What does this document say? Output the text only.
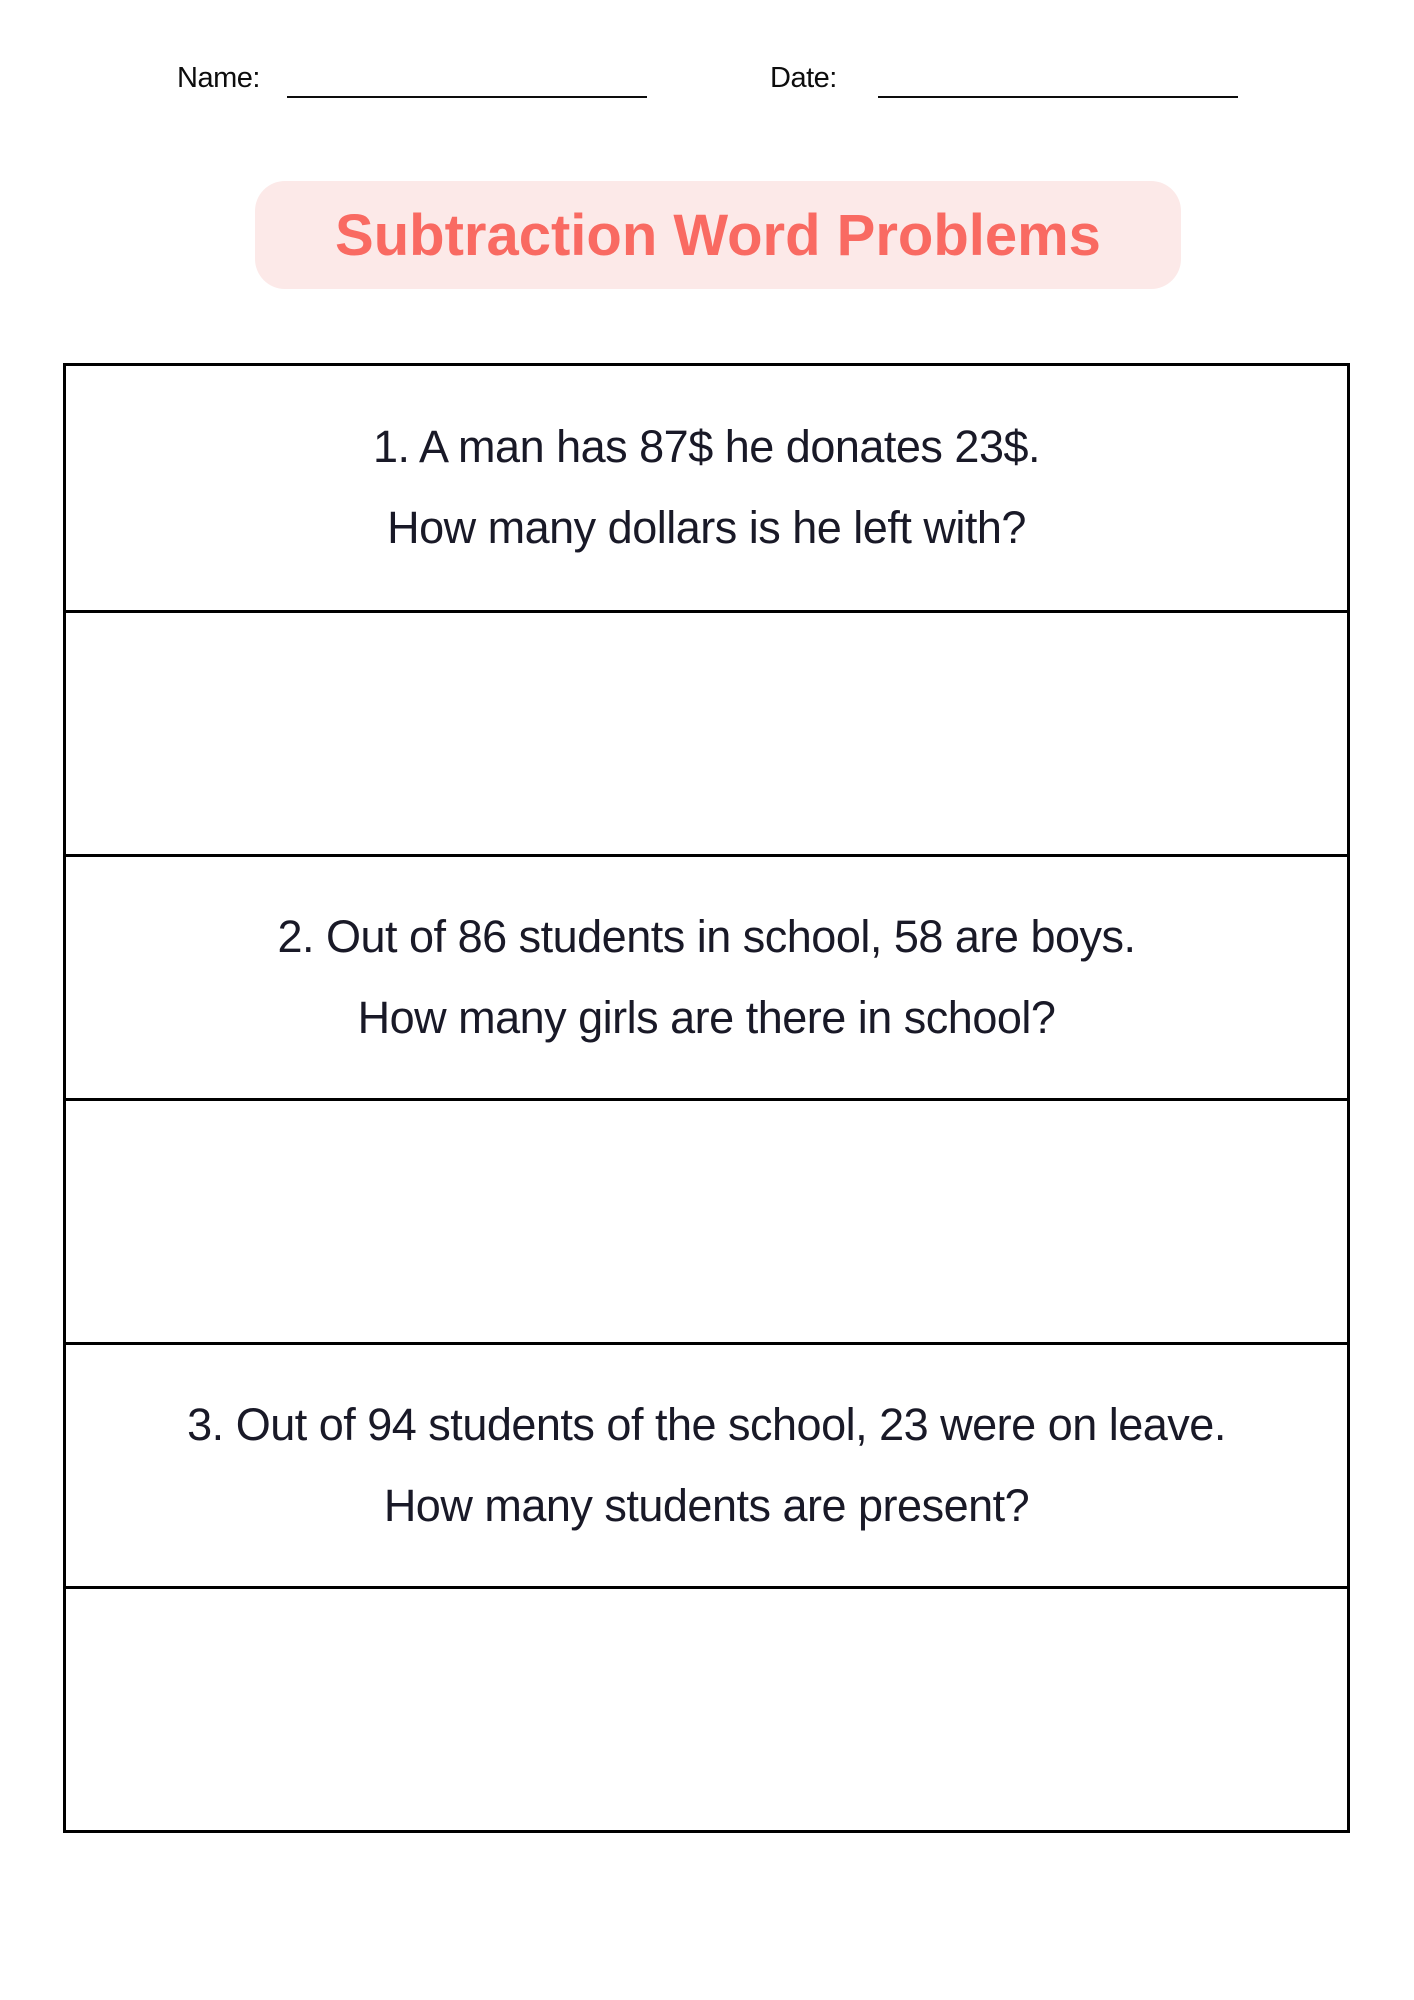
Name:	Date:
Subtraction Word Problems

1. A man has 87$ he donates 23$.

How many dollars is he left with?

2. Out of 86 students in school, 58 are boys.

How many girls are there in school?

3. Out of 94 students of the school, 23 were on leave.

How many students are present?
